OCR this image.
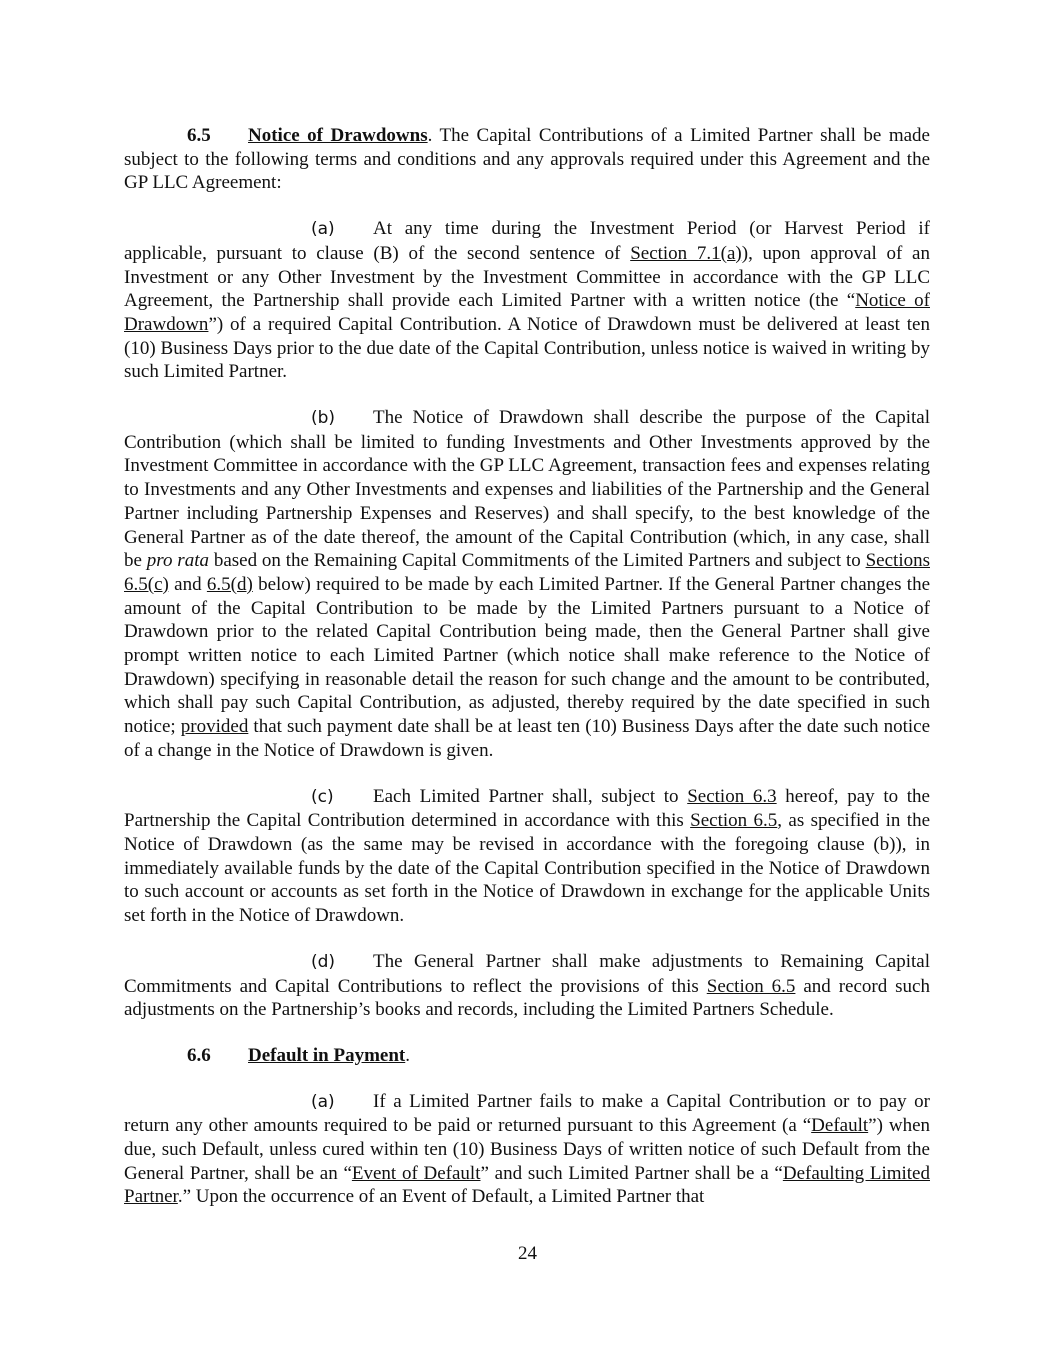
6.5 Notice of Drawdowns. The Capital Contributions of a Limited Partner shall be made subject to the following terms and conditions and any approvals required under this Agreement and the GP LLC Agreement:

(a) At any time during the Investment Period (or Harvest Period if applicable, pursuant to clause (B) of the second sentence of Section 7.1(a)), upon approval of an Investment or any Other Investment by the Investment Committee in accordance with the GP LLC Agreement, the Partnership shall provide each Limited Partner with a written notice (the “Notice of Drawdown”) of a required Capital Contribution. A Notice of Drawdown must be delivered at least ten (10) Business Days prior to the due date of the Capital Contribution, unless notice is waived in writing by such Limited Partner.

(b) The Notice of Drawdown shall describe the purpose of the Capital Contribution (which shall be limited to funding Investments and Other Investments approved by the Investment Committee in accordance with the GP LLC Agreement, transaction fees and expenses relating to Investments and any Other Investments and expenses and liabilities of the Partnership and the General Partner including Partnership Expenses and Reserves) and shall specify, to the best knowledge of the General Partner as of the date thereof, the amount of the Capital Contribution (which, in any case, shall be pro rata based on the Remaining Capital Commitments of the Limited Partners and subject to Sections 6.5(c) and 6.5(d) below) required to be made by each Limited Partner. If the General Partner changes the amount of the Capital Contribution to be made by the Limited Partners pursuant to a Notice of Drawdown prior to the related Capital Contribution being made, then the General Partner shall give prompt written notice to each Limited Partner (which notice shall make reference to the Notice of Drawdown) specifying in reasonable detail the reason for such change and the amount to be contributed, which shall pay such Capital Contribution, as adjusted, thereby required by the date specified in such notice; provided that such payment date shall be at least ten (10) Business Days after the date such notice of a change in the Notice of Drawdown is given.

(c) Each Limited Partner shall, subject to Section 6.3 hereof, pay to the Partnership the Capital Contribution determined in accordance with this Section 6.5, as specified in the Notice of Drawdown (as the same may be revised in accordance with the foregoing clause (b)), in immediately available funds by the date of the Capital Contribution specified in the Notice of Drawdown to such account or accounts as set forth in the Notice of Drawdown in exchange for the applicable Units set forth in the Notice of Drawdown.

(d) The General Partner shall make adjustments to Remaining Capital Commitments and Capital Contributions to reflect the provisions of this Section 6.5 and record such adjustments on the Partnership’s books and records, including the Limited Partners Schedule.

6.6 Default in Payment.

(a) If a Limited Partner fails to make a Capital Contribution or to pay or return any other amounts required to be paid or returned pursuant to this Agreement (a “Default”) when due, such Default, unless cured within ten (10) Business Days of written notice of such Default from the General Partner, shall be an “Event of Default” and such Limited Partner shall be a “Defaulting Limited Partner.” Upon the occurrence of an Event of Default, a Limited Partner that

24
